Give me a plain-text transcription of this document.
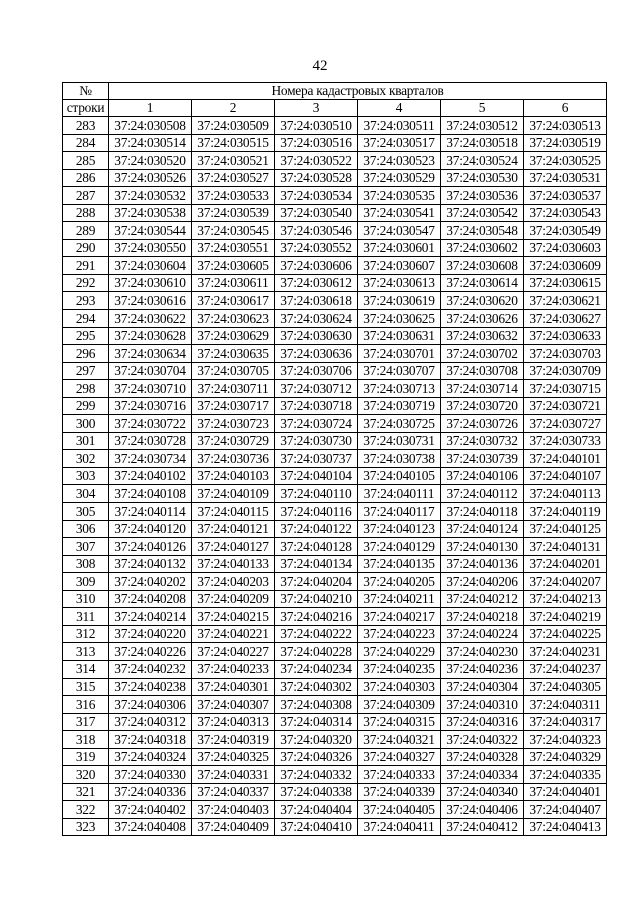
42
№	Номера кадастровых кварталов					
строки	1	2	3	4	5	6
283	37:24:030508	37:24:030509	37:24:030510	37:24:030511	37:24:030512	37:24:030513
284	37:24:030514	37:24:030515	37:24:030516	37:24:030517	37:24:030518	37:24:030519
285	37:24:030520	37:24:030521	37:24:030522	37:24:030523	37:24:030524	37:24:030525
286	37:24:030526	37:24:030527	37:24:030528	37:24:030529	37:24:030530	37:24:030531
287	37:24:030532	37:24:030533	37:24:030534	37:24:030535	37:24:030536	37:24:030537
288	37:24:030538	37:24:030539	37:24:030540	37:24:030541	37:24:030542	37:24:030543
289	37:24:030544	37:24:030545	37:24:030546	37:24:030547	37:24:030548	37:24:030549
290	37:24:030550	37:24:030551	37:24:030552	37:24:030601	37:24:030602	37:24:030603
291	37:24:030604	37:24:030605	37:24:030606	37:24:030607	37:24:030608	37:24:030609
292	37:24:030610	37:24:030611	37:24:030612	37:24:030613	37:24:030614	37:24:030615
293	37:24:030616	37:24:030617	37:24:030618	37:24:030619	37:24:030620	37:24:030621
294	37:24:030622	37:24:030623	37:24:030624	37:24:030625	37:24:030626	37:24:030627
295	37:24:030628	37:24:030629	37:24:030630	37:24:030631	37:24:030632	37:24:030633
296	37:24:030634	37:24:030635	37:24:030636	37:24:030701	37:24:030702	37:24:030703
297	37:24:030704	37:24:030705	37:24:030706	37:24:030707	37:24:030708	37:24:030709
298	37:24:030710	37:24:030711	37:24:030712	37:24:030713	37:24:030714	37:24:030715
299	37:24:030716	37:24:030717	37:24:030718	37:24:030719	37:24:030720	37:24:030721
300	37:24:030722	37:24:030723	37:24:030724	37:24:030725	37:24:030726	37:24:030727
301	37:24:030728	37:24:030729	37:24:030730	37:24:030731	37:24:030732	37:24:030733
302	37:24:030734	37:24:030736	37:24:030737	37:24:030738	37:24:030739	37:24:040101
303	37:24:040102	37:24:040103	37:24:040104	37:24:040105	37:24:040106	37:24:040107
304	37:24:040108	37:24:040109	37:24:040110	37:24:040111	37:24:040112	37:24:040113
305	37:24:040114	37:24:040115	37:24:040116	37:24:040117	37:24:040118	37:24:040119
306	37:24:040120	37:24:040121	37:24:040122	37:24:040123	37:24:040124	37:24:040125
307	37:24:040126	37:24:040127	37:24:040128	37:24:040129	37:24:040130	37:24:040131
308	37:24:040132	37:24:040133	37:24:040134	37:24:040135	37:24:040136	37:24:040201
309	37:24:040202	37:24:040203	37:24:040204	37:24:040205	37:24:040206	37:24:040207
310	37:24:040208	37:24:040209	37:24:040210	37:24:040211	37:24:040212	37:24:040213
311	37:24:040214	37:24:040215	37:24:040216	37:24:040217	37:24:040218	37:24:040219
312	37:24:040220	37:24:040221	37:24:040222	37:24:040223	37:24:040224	37:24:040225
313	37:24:040226	37:24:040227	37:24:040228	37:24:040229	37:24:040230	37:24:040231
314	37:24:040232	37:24:040233	37:24:040234	37:24:040235	37:24:040236	37:24:040237
315	37:24:040238	37:24:040301	37:24:040302	37:24:040303	37:24:040304	37:24:040305
316	37:24:040306	37:24:040307	37:24:040308	37:24:040309	37:24:040310	37:24:040311
317	37:24:040312	37:24:040313	37:24:040314	37:24:040315	37:24:040316	37:24:040317
318	37:24:040318	37:24:040319	37:24:040320	37:24:040321	37:24:040322	37:24:040323
319	37:24:040324	37:24:040325	37:24:040326	37:24:040327	37:24:040328	37:24:040329
320	37:24:040330	37:24:040331	37:24:040332	37:24:040333	37:24:040334	37:24:040335
321	37:24:040336	37:24:040337	37:24:040338	37:24:040339	37:24:040340	37:24:040401
322	37:24:040402	37:24:040403	37:24:040404	37:24:040405	37:24:040406	37:24:040407
323	37:24:040408	37:24:040409	37:24:040410	37:24:040411	37:24:040412	37:24:040413
